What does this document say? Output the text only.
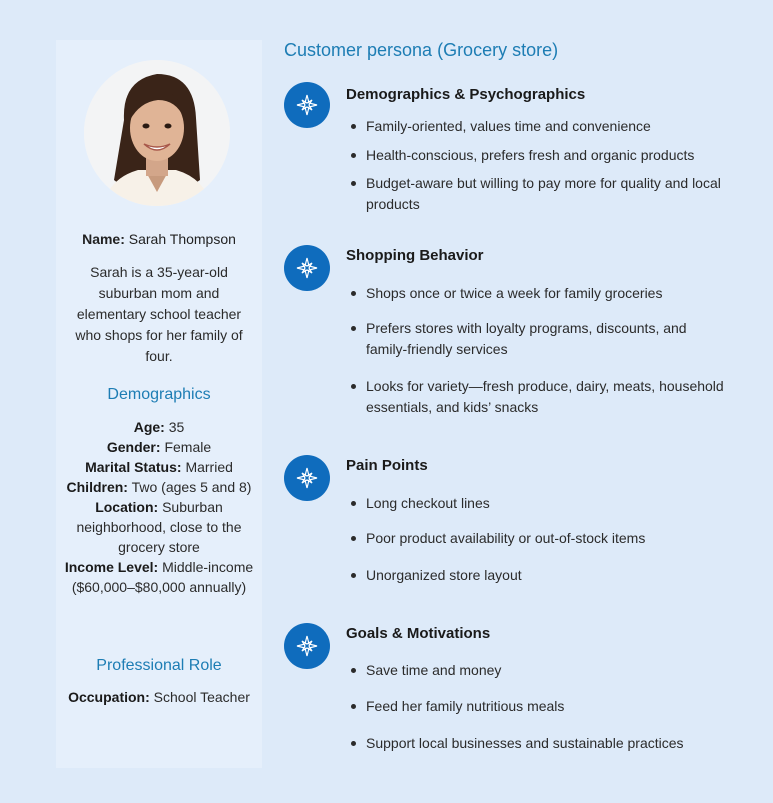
Name: Sarah Thompson
Sarah is a 35-year-old suburban mom and elementary school teacher who shops for her family of four.
Demographics

Age: 35

Gender: Female

Marital Status: Married

Children: Two (ages 5 and 8)

Location: Suburban neighborhood, close to the grocery store

Income Level: Middle-income ($60,000–$80,000 annually)

Professional Role

Occupation: School Teacher

Customer persona (Grocery store)
Demographics & Psychographics
Family-oriented, values time and convenience
Health-conscious, prefers fresh and organic products
Budget-aware but willing to pay more for quality and local products
Shopping Behavior
Shops once or twice a week for family groceries
Prefers stores with loyalty programs, discounts, and family-friendly services
Looks for variety—fresh produce, dairy, meats, household essentials, and kids’ snacks
Pain Points
Long checkout lines
Poor product availability or out-of-stock items
Unorganized store layout
Goals & Motivations
Save time and money
Feed her family nutritious meals
Support local businesses and sustainable practices
